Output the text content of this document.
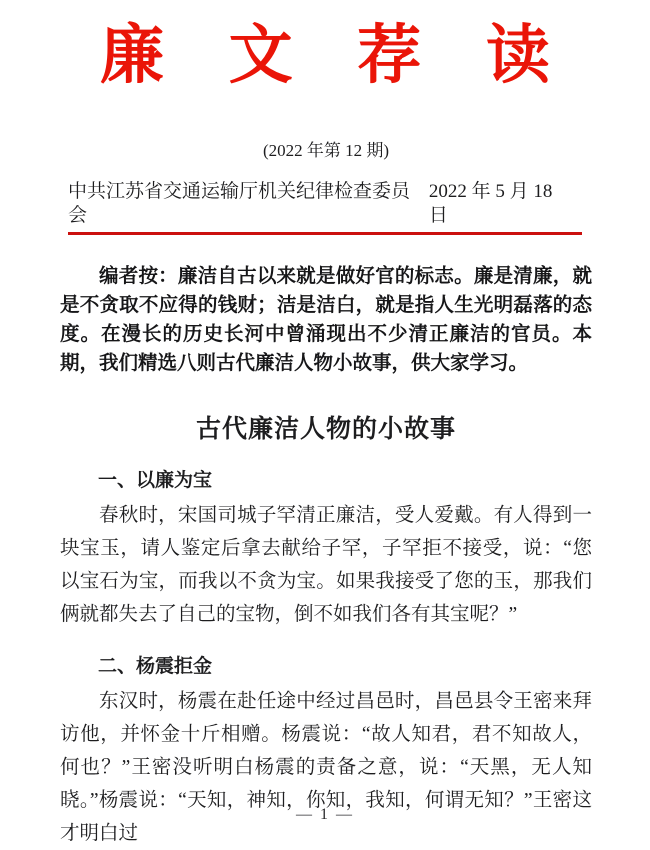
廉 文 荐 读
(2022 年第 12 期)
中共江苏省交通运输厅机关纪律检查委员会
2022 年 5 月 18 日

编者按：廉洁自古以来就是做好官的标志。廉是清廉，就是不贪取不应得的钱财；洁是洁白，就是指人生光明磊落的态度。在漫长的历史长河中曾涌现出不少清正廉洁的官员。本期，我们精选八则古代廉洁人物小故事，供大家学习。

古代廉洁人物的小故事
一、以廉为宝

春秋时，宋国司城子罕清正廉洁，受人爱戴。有人得到一块宝玉，请人鉴定后拿去献给子罕，子罕拒不接受，说：“您以宝石为宝，而我以不贪为宝。如果我接受了您的玉，那我们俩就都失去了自己的宝物，倒不如我们各有其宝呢？”

二、杨震拒金

东汉时，杨震在赴任途中经过昌邑时，昌邑县令王密来拜访他，并怀金十斤相赠。杨震说：“故人知君，君不知故人，何也？”王密没听明白杨震的责备之意，说：“天黑，无人知晓。”杨震说：“天知，神知，你知，我知，何谓无知？”王密这才明白过

— 1 —
